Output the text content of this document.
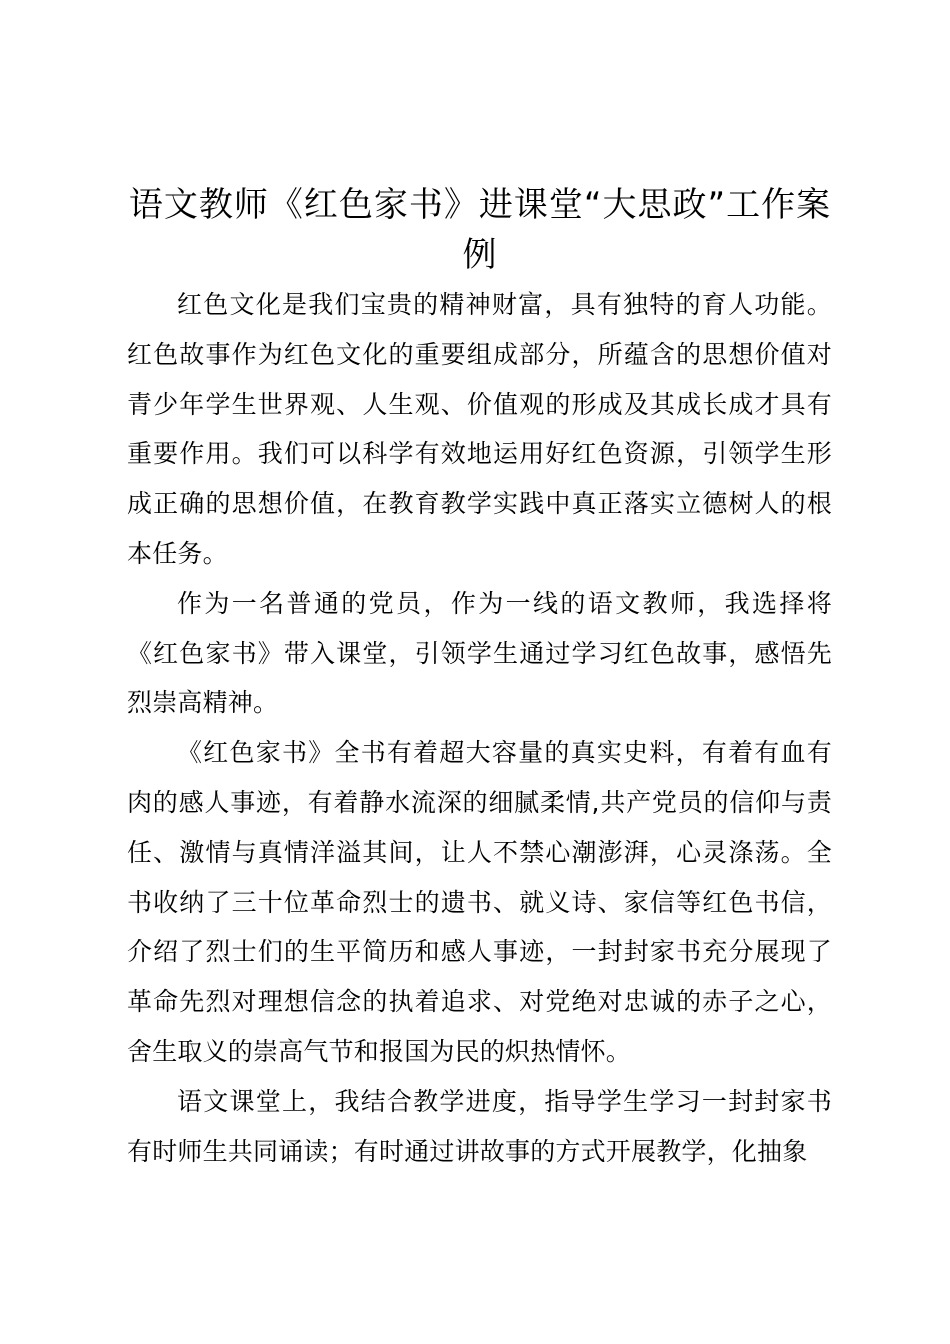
语文教师《红色家书》进课堂“大思政”工作案例

红色文化是我们宝贵的精神财富，具有独特的育人功能。红色故事作为红色文化的重要组成部分，所蕴含的思想价值对青少年学生世界观、人生观、价值观的形成及其成长成才具有重要作用。我们可以科学有效地运用好红色资源，引领学生形成正确的思想价值，在教育教学实践中真正落实立德树人的根本任务。

作为一名普通的党员，作为一线的语文教师，我选择将《红色家书》带入课堂，引领学生通过学习红色故事，感悟先烈崇高精神。

《红色家书》全书有着超大容量的真实史料，有着有血有肉的感人事迹，有着静水流深的细腻柔情,共产党员的信仰与责任、激情与真情洋溢其间，让人不禁心潮澎湃，心灵涤荡。全书收纳了三十位革命烈士的遗书、就义诗、家信等红色书信，介绍了烈士们的生平简历和感人事迹，一封封家书充分展现了革命先烈对理想信念的执着追求、对党绝对忠诚的赤子之心，舍生取义的崇高气节和报国为民的炽热情怀。

语文课堂上，我结合教学进度，指导学生学习一封封家书有时师生共同诵读；有时通过讲故事的方式开展教学，化抽象
